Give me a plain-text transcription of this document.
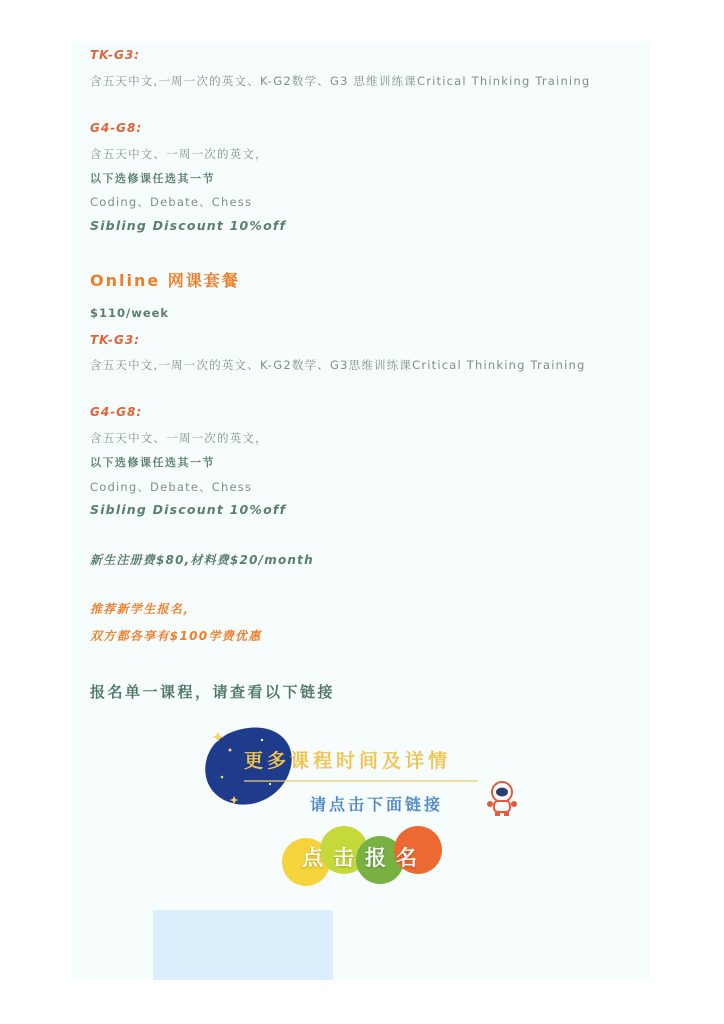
TK-G3:
含五天中文,一周一次的英文、K-G2数学、G3 思维训练课Critical Thinking Training
G4-G8:
含五天中文、一周一次的英文，
以下选修课任选其一节
Coding、Debate、Chess
Sibling Discount 10%off
Online 网课套餐
$110/week
TK-G3:
含五天中文,一周一次的英文、K-G2数学、G3思维训练课Critical Thinking Training
G4-G8:
含五天中文、一周一次的英文，
以下选修课任选其一节
Coding、Debate、Chess
Sibling Discount 10%off
新生注册费$80,材料费$20/month
推荐新学生报名，
双方都各享有$100学费优惠
报名单一课程，请查看以下链接
更多课程时间及详情
请点击下面链接
点 击 报 名
